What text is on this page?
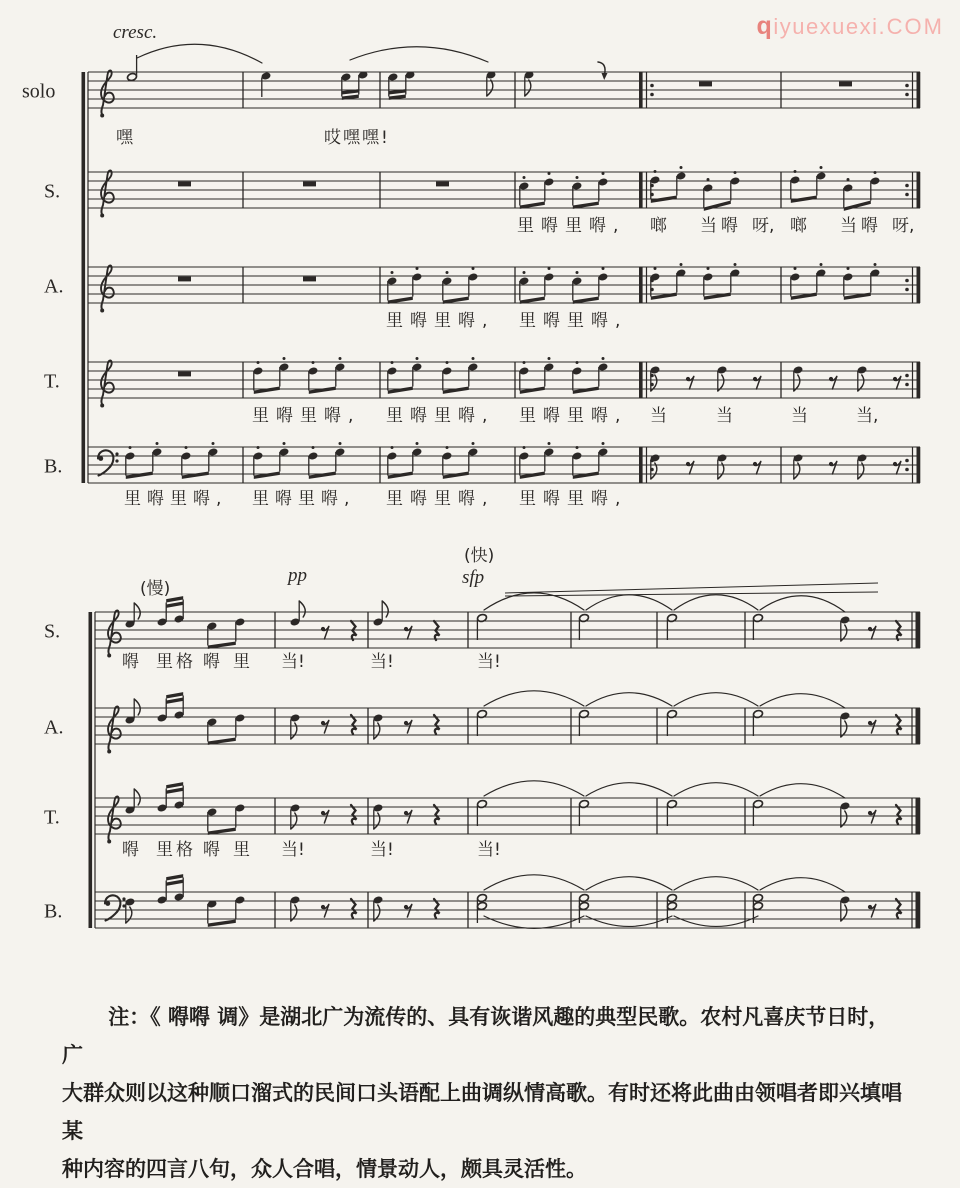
qiyuexuexi.COM
solo
cresc.
嘿	哎嘿嘿!
S.
里嘚里嘚, 啷 当嘚 呀, 啷 当嘚 呀,
A.
里嘚里嘚, 里嘚里嘚,
T.
里嘚里嘚, 里嘚里嘚, 里嘚里嘚, 当	当	当	当,
B.
里嘚里嘚, 里嘚里嘚, 里嘚里嘚, 里嘚里嘚,
S.
(慢)
pp
(快)
sfp
嘚 里格 嘚 里 当!	当!	当!
A.
T.
嘚 里格 嘚 里 当!	当!	当!
B.

注：《 嘚嘚 调》是湖北广为流传的、具有诙谐风趣的典型民歌。农村凡喜庆节日时，广

大群众则以这种顺口溜式的民间口头语配上曲调纵情高歌。有时还将此曲由领唱者即兴填唱某

种内容的四言八句，众人合唱，情景动人，颇具灵活性。
